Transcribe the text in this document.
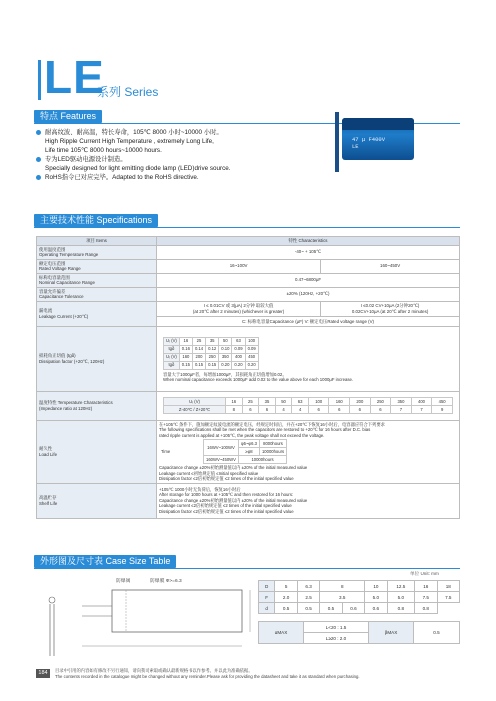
LE
系列 Series
特点 Features
耐高纹波、耐高温，特长寿命，105℃ 8000 小时~10000 小时。
High Ripple Current High Temperature , extremely Long Life,
Life time 105℃ 8000 hours~10000 hours.
专为LED驱动电源设计制造。
Specially designed for light emitting diode lamp (LED)drive source.
RoHS指令已对应完毕。Adapted to the RoHS directive.
47 μ F400V
LE
主要技术性能 Specifications
项目 Items	特性 Characteristics
使用温度范围
Operating Temperature Range	-40~ + 105℃
额定电压范围
Rated Voltage Range	16~100V	160~450V
标称电容量范围
Nominal Capacitance Range	0.47~6800μF
容量允许偏差
Capacitance Tolerance	±20% (120Hz, +20℃)
漏电流
Leakage Current (+20℃)	I ≤ 0.01CV 或 3(μA) 2分钟 取较大值
(at 20℃ after 2 minutes) (whichever is greater)	I ≤0.02 CV+10μA (2分钟20℃)
0.02CV+10μA (at 20℃ after 2 minutes)
C: 标称电容量Capacitance (μF) V: 额定电压Rated voltage range (V)
损耗角正切值 (tgδ)
Dissipation factor (+20℃, 120Hz)	
Uᵣ (V)	16	25	35	50	63	100
tgδ	0.16	0.14	0.12	0.10	0.09	0.09
Uᵣ (V)	160	200	250	350	400	450
tgδ	0.15	0.15	0.15	0.20	0.20	0.20
容量大于1000μF者，每增加1000μF，其损耗角正切值增加0.02。
When nominal capacitance exceeds 1000μF add 0.02 to the value above for each 1000μF increase.

温度特性 Temperature Characteristics
(Impedance ratio at 120Hz)	
Uᵣ (V)	16	25	35	50	63	100	160	200	250	350	400	450
Z-40℃ / Z+20℃	8	6	6	4	4	6	6	6	6	7	7	9

耐久性
Load Life	
在+105℃ 条件下，施加额定纹波电流的额定电压，经规定时间后，并在+20℃下恢复16小时后，电容器应符合下列要求
The following specifications shall be met when the capacitors are restored to +20℃ for 16 hours after D.C. bias
rated ripple current is applied at +105℃, the peak voltage shall not exceed the voltage.
Time	16WV~100WV	φ5~φ6.3	8000hours
≥φ8	10000hours
160WV~450WV	10000hours
Capacitance change ±20%初始测量值以内 ±20% of the initial measured value
Leakage current ≤初始规定值 ≤Initial specified value
Dissipation factor ≤2倍初始规定值 ≤2 times of the initial specified value

高温贮存
Shelf Life	
+105℃ 1000小时无负荷后，恢复16小时后
After storage for 1000 hours at +105℃ and then restored for 16 hours:
Capacitance change ±20%初始测量值以内 ±20% of the initial measured value
Leakage current ≤2倍初始规定值 ≤2 times of the initial specified value
Dissipation factor ≤2倍初始规定值 ≤2 times of the initial specified value
外形图及尺寸表 Case Size Table
单位 Unit: mm
防爆阀	防爆膜 Ф>=6.3
D	5	6.3	8		10	12.5	16	18
F	2.0	2.5	3.5		5.0	5.0	7.5	7.5
d	0.5	0.5	0.5	0.6	0.6	0.8	0.8
αMAX	L<20 : 1.5	βMAX	0.5
L≥20 : 2.0
184	目录中引用的内容如有修改不另行通知，请向我司索取或确认最新规格书以作参考。并以此为准确依据。
The contents recorded in the catalogue might be changed without any reminder.Please ask for providing the datasheet and take it as standard when purchasing.
